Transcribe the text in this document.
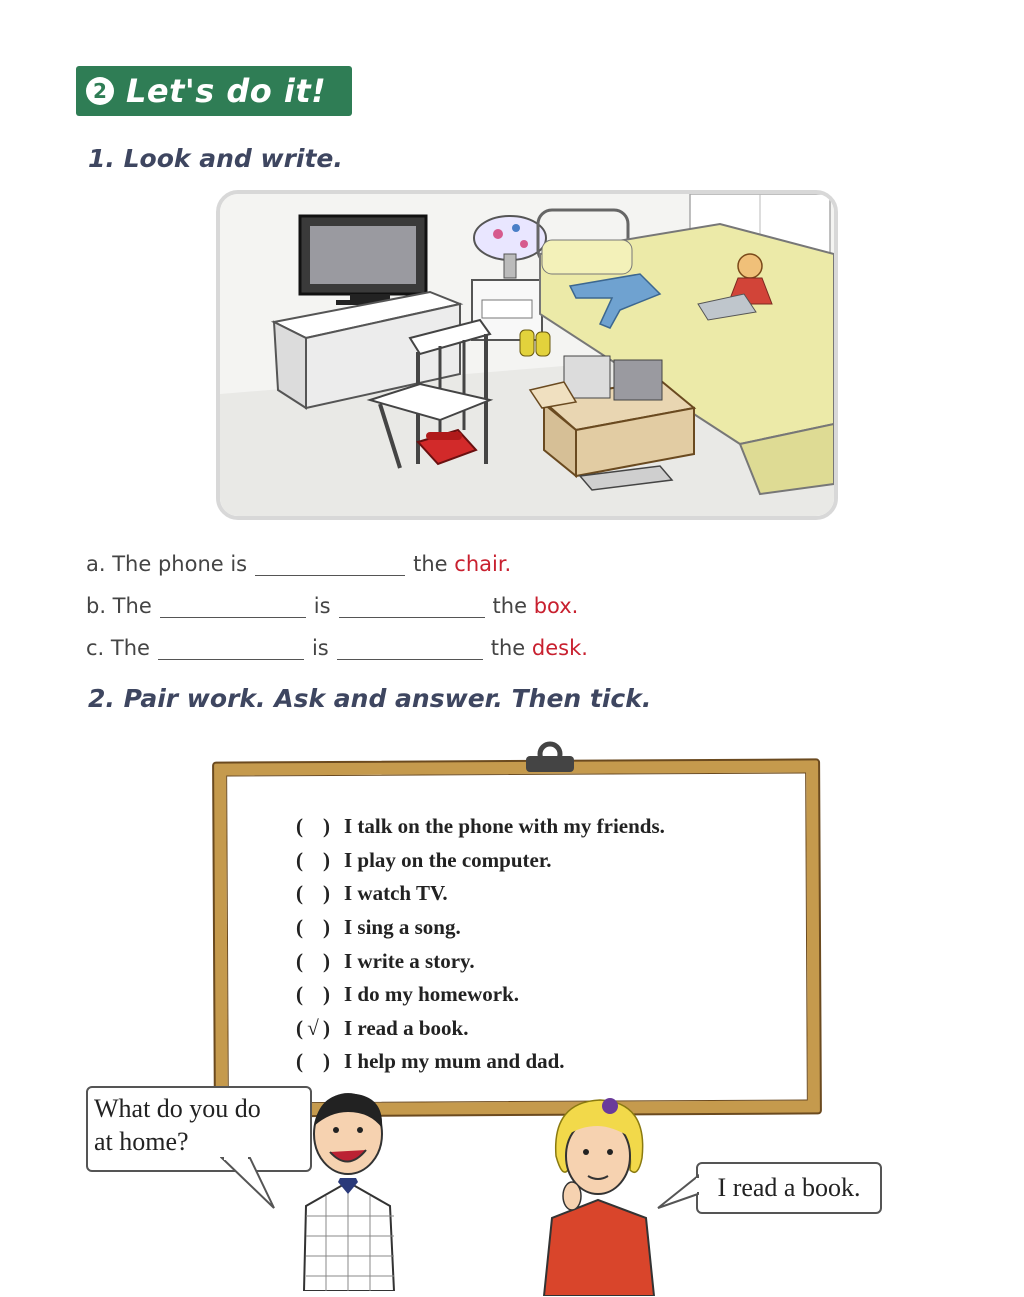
2 Let's do it!
1. Look and write.
a. The phone is	the
chair.
b. The	is	the
box.
c. The	is	the
desk.
2. Pair work. Ask and answer. Then tick.
( ) I talk on the phone with my friends.
( ) I play on the computer.
( ) I watch TV.
( ) I sing a song.
( ) I write a story.
( ) I do my homework.
( √ ) I read a book.
( ) I help my mum and dad.
What do you do
at home?
I read a book.
